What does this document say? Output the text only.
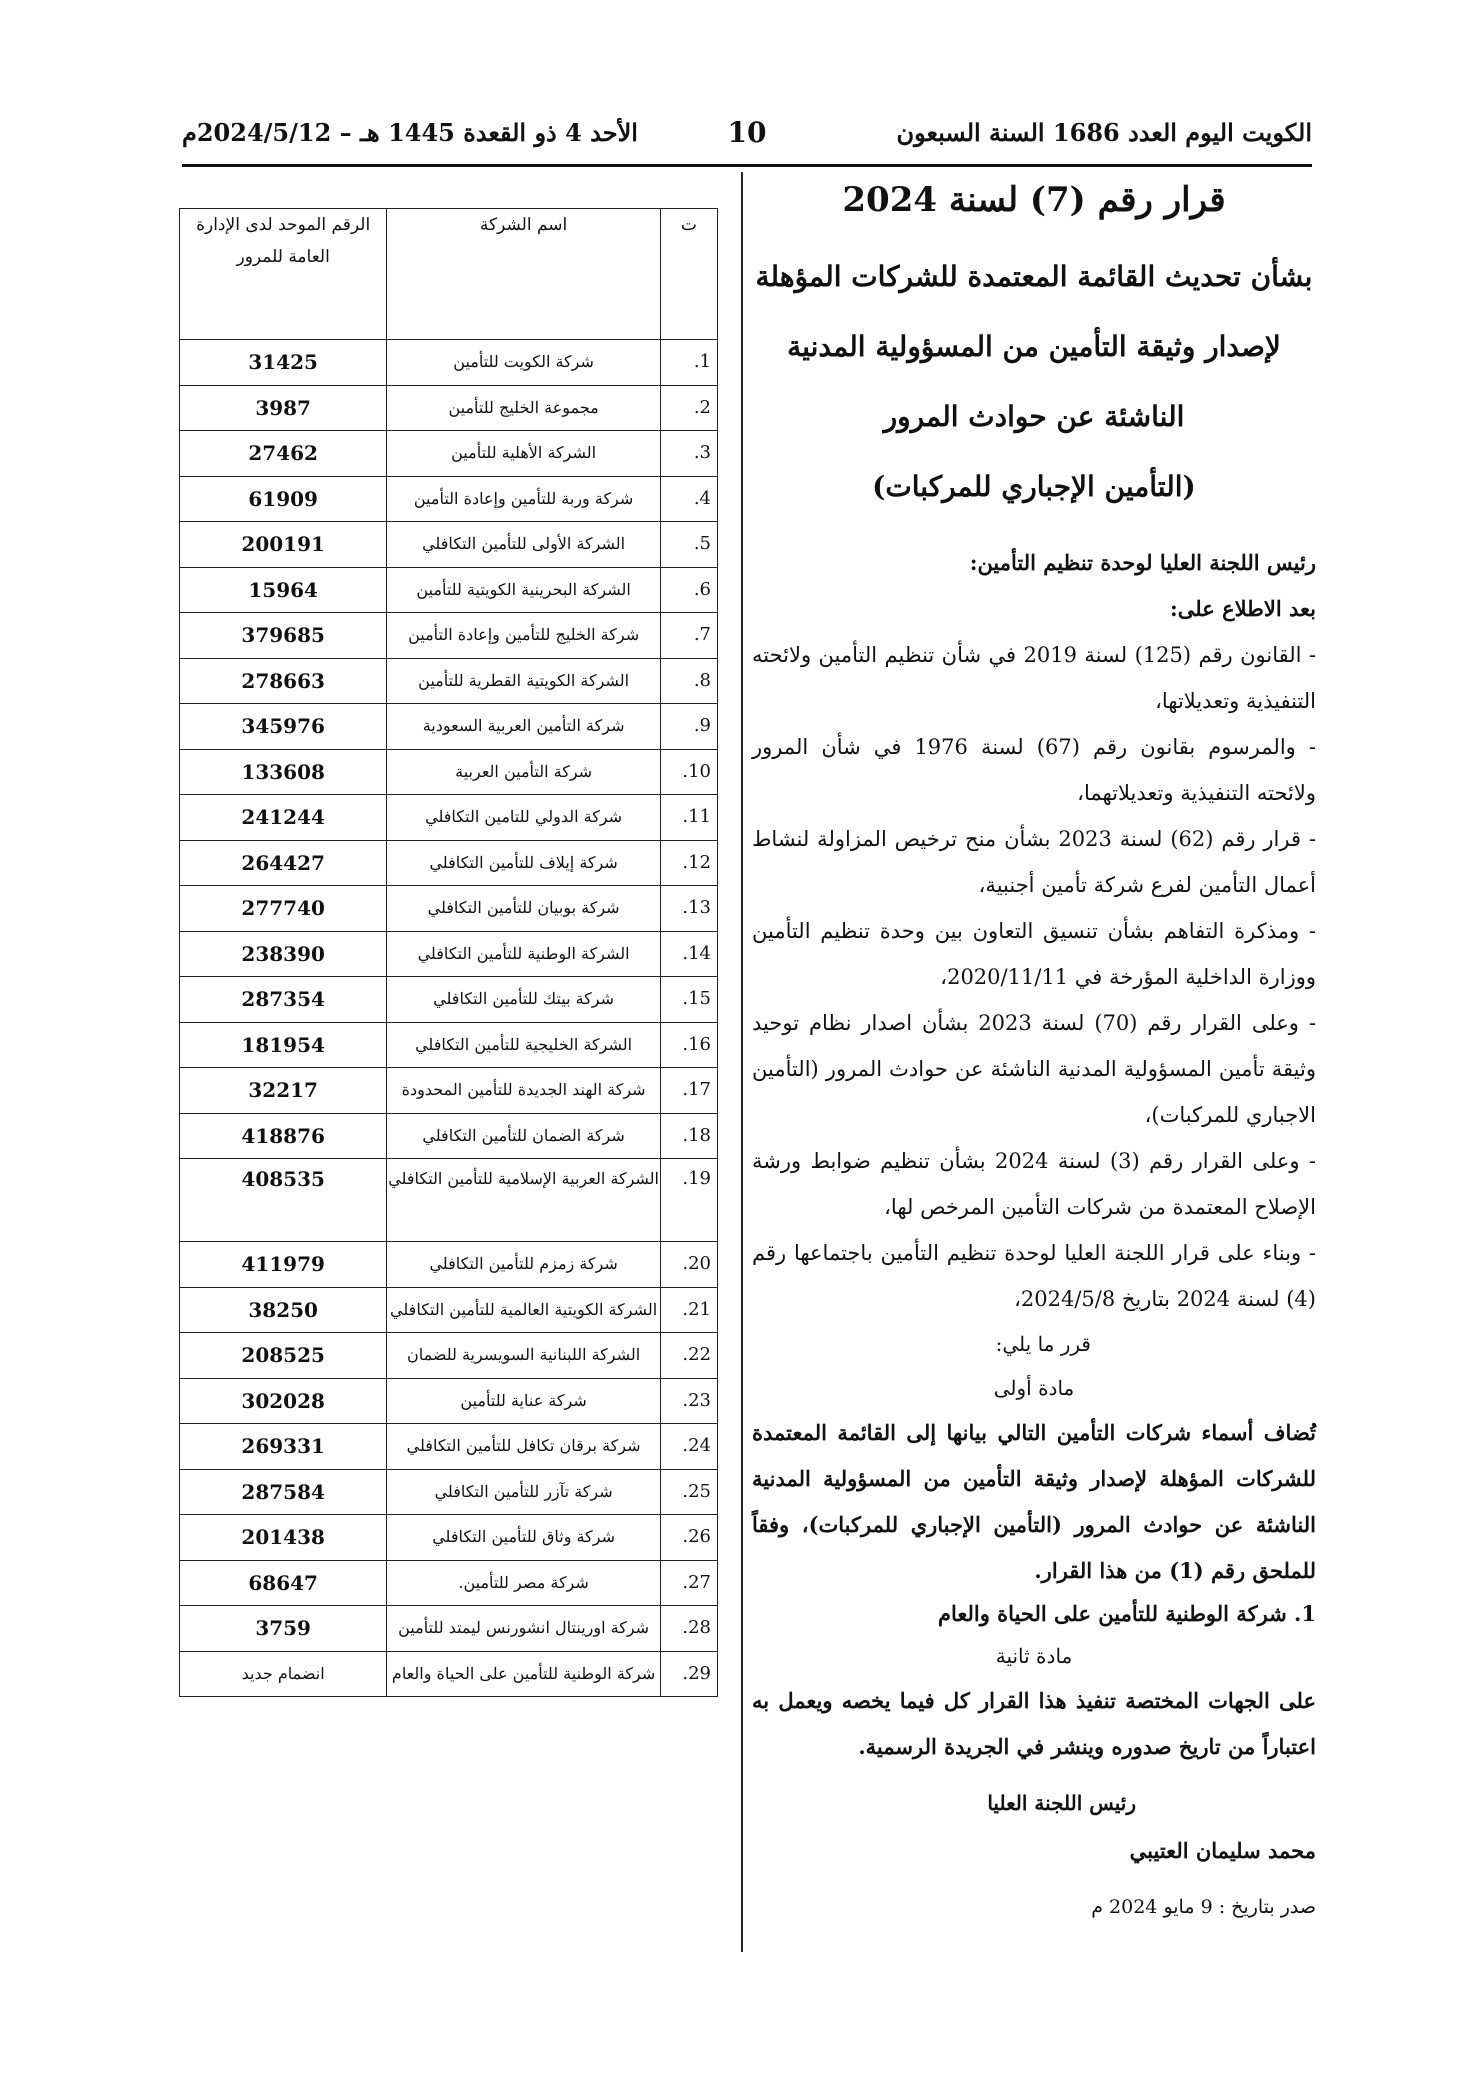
الكويت اليوم العدد 1686 السنة السبعون
10
الأحد 4 ذو القعدة 1445 هـ – 2024/5/12م

قرار رقم (7) لسنة 2024

بشأن تحديث القائمة المعتمدة للشركات المؤهلة
لإصدار وثيقة التأمين من المسؤولية المدنية
الناشئة عن حوادث المرور
(التأمين الإجباري للمركبات)

رئيس اللجنة العليا لوحدة تنظيم التأمين:

بعد الاطلاع على:

- القانون رقم (125) لسنة 2019 في شأن تنظيم التأمين ولائحته التنفيذية وتعديلاتها،

- والمرسوم بقانون رقم (67) لسنة 1976 في شأن المرور ولائحته التنفيذية وتعديلاتهما،

- قرار رقم (62) لسنة 2023 بشأن منح ترخيص المزاولة لنشاط أعمال التأمين لفرع شركة تأمين أجنبية،

- ومذكرة التفاهم بشأن تنسيق التعاون بين وحدة تنظيم التأمين ووزارة الداخلية المؤرخة في 2020/11/11،

- وعلى القرار رقم (70) لسنة 2023 بشأن اصدار نظام توحيد وثيقة تأمين المسؤولية المدنية الناشئة عن حوادث المرور (التأمين الاجباري للمركبات)،

- وعلى القرار رقم (3) لسنة 2024 بشأن تنظيم ضوابط ورشة الإصلاح المعتمدة من شركات التأمين المرخص لها،

- وبناء على قرار اللجنة العليا لوحدة تنظيم التأمين باجتماعها رقم (4) لسنة 2024 بتاريخ 2024/5/8،

قرر ما يلي:

مادة أولى

تُضاف أسماء شركات التأمين التالي بيانها إلى القائمة المعتمدة للشركات المؤهلة لإصدار وثيقة التأمين من المسؤولية المدنية الناشئة عن حوادث المرور (التأمين الإجباري للمركبات)، وفقاً للملحق رقم (1) من هذا القرار.

1. شركة الوطنية للتأمين على الحياة والعام

مادة ثانية

على الجهات المختصة تنفيذ هذا القرار كل فيما يخصه ويعمل به اعتباراً من تاريخ صدوره وينشر في الجريدة الرسمية.

رئيس اللجنة العليا

محمد سليمان العتيبي

صدر بتاريخ : 9 مايو 2024 م

ت	اسم الشركة	الرقم الموحد لدى الإدارة العامة للمرور
1.	شركة الكويت للتأمين	31425
2.	مجموعة الخليج للتأمين	3987
3.	الشركة الأهلية للتأمين	27462
4.	شركة وربة للتأمين وإعادة التأمين	61909
5.	الشركة الأولى للتأمين التكافلي	200191
6.	الشركة البحرينية الكويتية للتأمين	15964
7.	شركة الخليج للتأمين وإعادة التأمين	379685
8.	الشركة الكويتية القطرية للتأمين	278663
9.	شركة التأمين العربية السعودية	345976
10.	شركة التأمين العربية	133608
11.	شركة الدولي للتامين التكافلي	241244
12.	شركة إيلاف للتأمين التكافلي	264427
13.	شركة بوبيان للتأمين التكافلي	277740
14.	الشركة الوطنية للتأمين التكافلي	238390
15.	شركة بيتك للتأمين التكافلي	287354
16.	الشركة الخليجية للتأمين التكافلي	181954
17.	شركة الهند الجديدة للتأمين المحدودة	32217
18.	شركة الضمان للتأمين التكافلي	418876
19.	الشركة العربية الإسلامية للتأمين التكافلي	408535
20.	شركة زمزم للتأمين التكافلي	411979
21.	الشركة الكويتية العالمية للتأمين التكافلي	38250
22.	الشركة اللبنانية السويسرية للضمان	208525
23.	شركة عناية للتأمين	302028
24.	شركة برقان تكافل للتأمين التكافلي	269331
25.	شركة تآزر للتأمين التكافلي	287584
26.	شركة وثاق للتأمين التكافلي	201438
27.	شركة مصر للتأمين.	68647
28.	شركة اورينتال انشورنس ليمتد للتأمين	3759
29.	شركة الوطنية للتأمين على الحياة والعام	انضمام جديد
